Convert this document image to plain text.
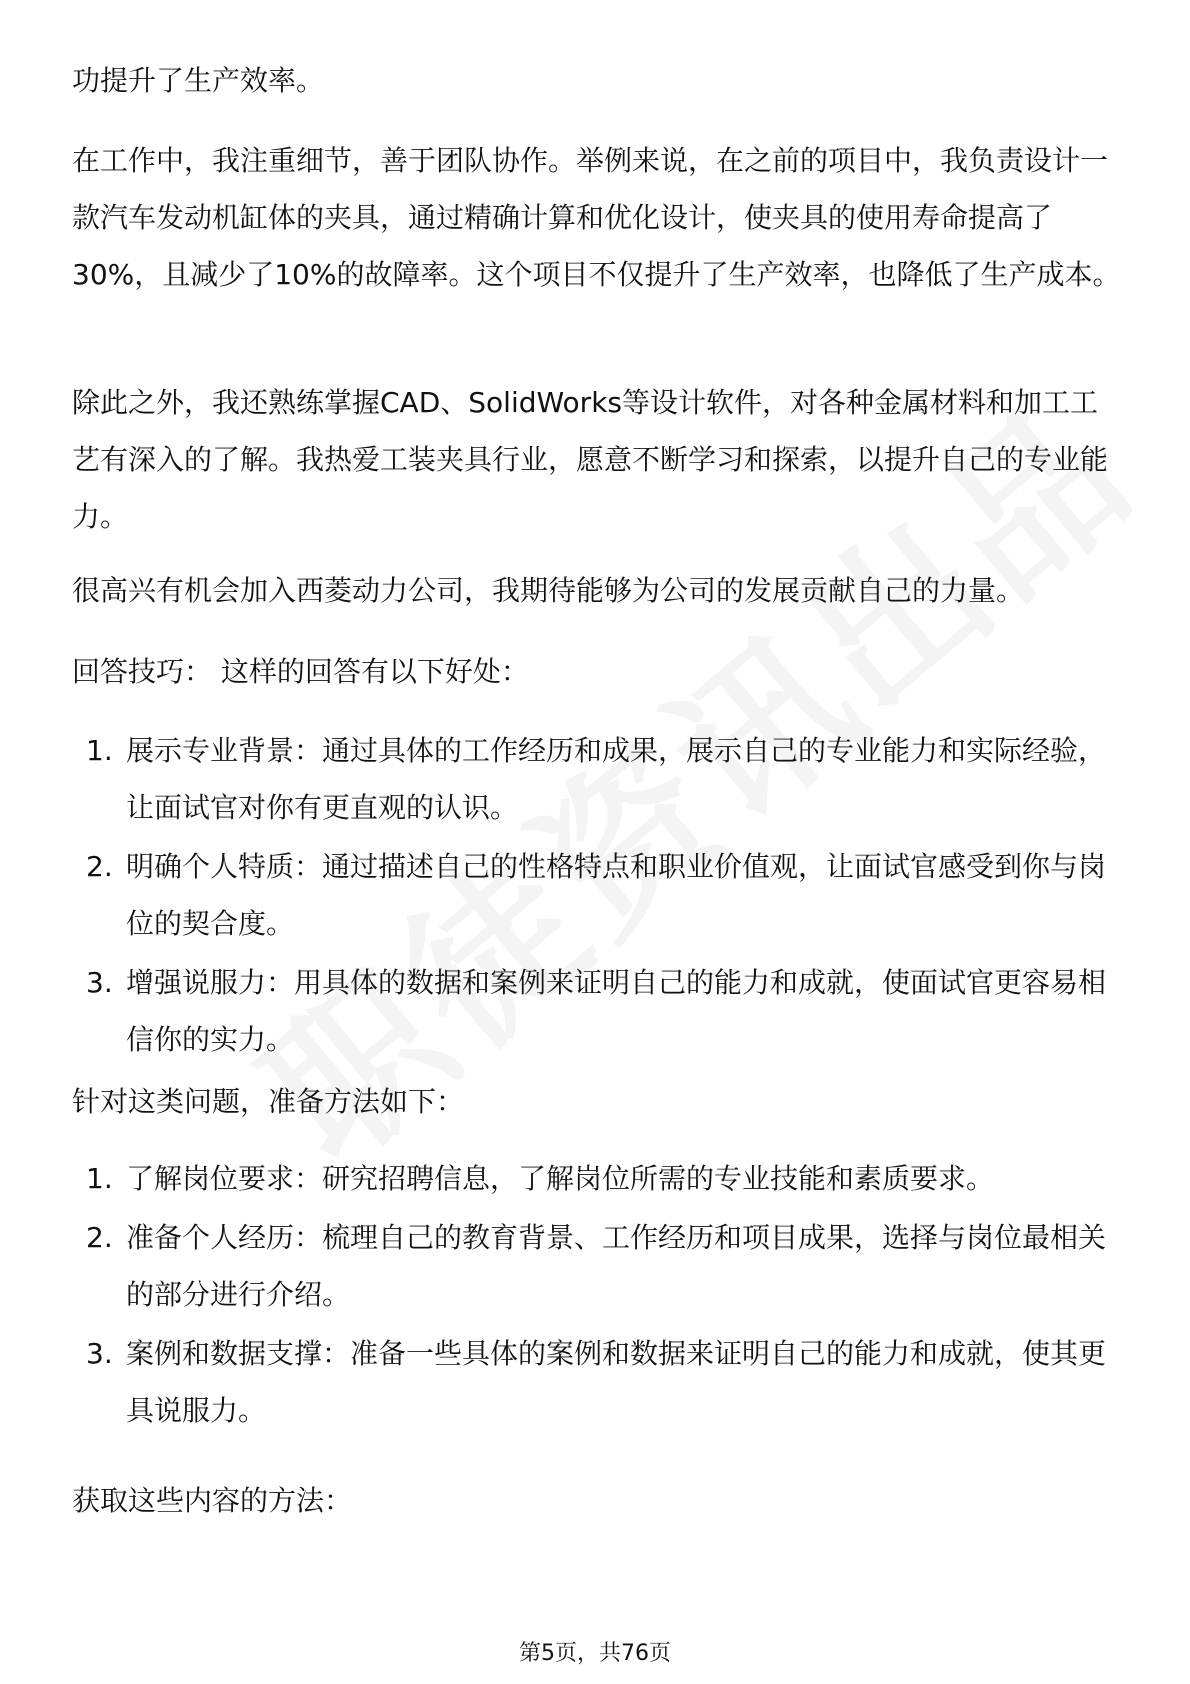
功提升了生产效率。

在工作中，我注重细节，善于团队协作。举例来说，在之前的项目中，我负责设计一款汽车发动机缸体的夹具，通过精确计算和优化设计，使夹具的使用寿命提高了30%，且减少了10%的故障率。这个项目不仅提升了生产效率，也降低了生产成本。

除此之外，我还熟练掌握CAD、SolidWorks等设计软件，对各种金属材料和加工工艺有深入的了解。我热爱工装夹具行业，愿意不断学习和探索，以提升自己的专业能力。

很高兴有机会加入西菱动力公司，我期待能够为公司的发展贡献自己的力量。

回答技巧： 这样的回答有以下好处：

1. 展示专业背景：通过具体的工作经历和成果，展示自己的专业能力和实际经验，让面试官对你有更直观的认识。
2. 明确个人特质：通过描述自己的性格特点和职业价值观，让面试官感受到你与岗位的契合度。
3. 增强说服力：用具体的数据和案例来证明自己的能力和成就，使面试官更容易相信你的实力。

针对这类问题，准备方法如下：

1. 了解岗位要求：研究招聘信息，了解岗位所需的专业技能和素质要求。
2. 准备个人经历：梳理自己的教育背景、工作经历和项目成果，选择与岗位最相关的部分进行介绍。
3. 案例和数据支撑：准备一些具体的案例和数据来证明自己的能力和成就，使其更具说服力。

获取这些内容的方法：

第5页，共76页
